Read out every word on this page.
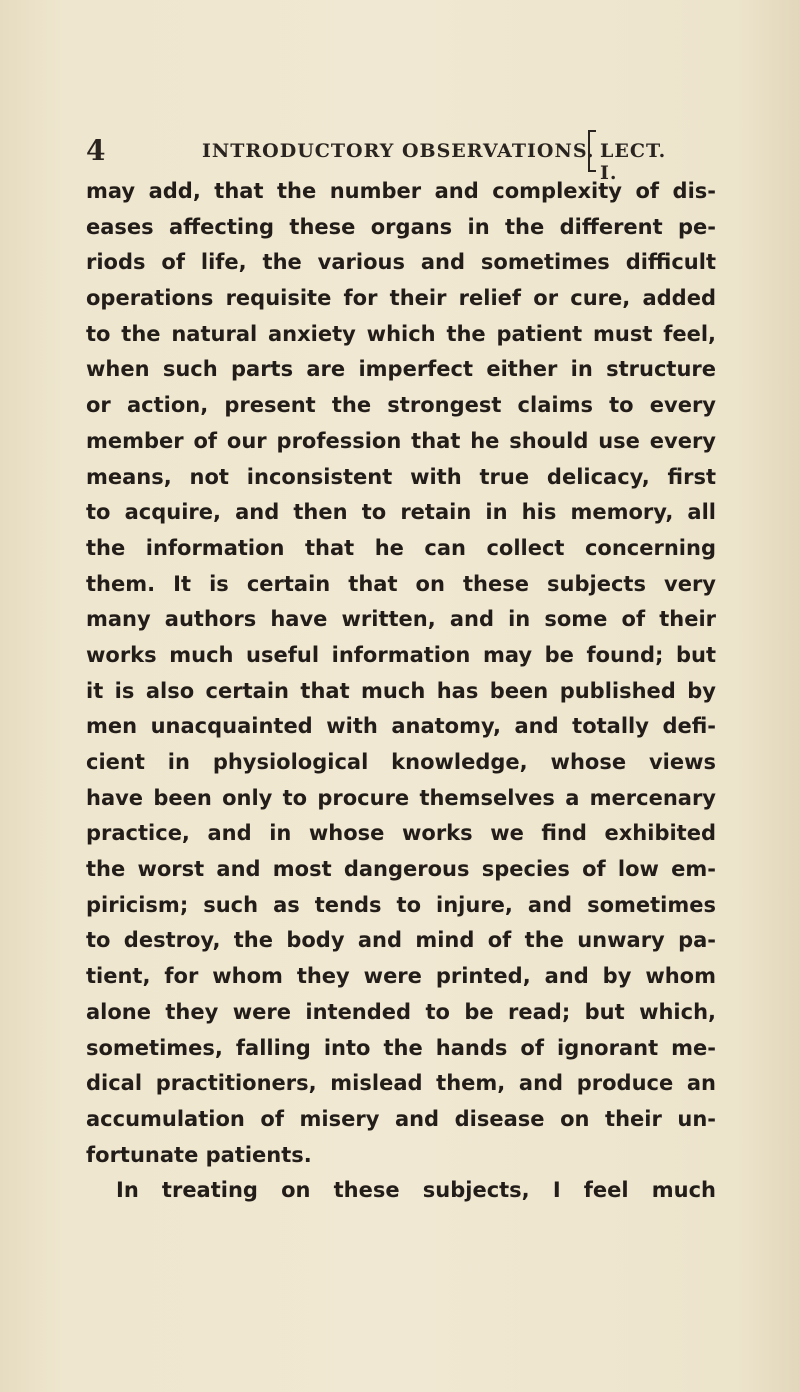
4	INTRODUCTORY OBSERVATIONS. LECT. I.
may add, that the number and complexity of dis-
eases affecting these organs in the different pe-
riods of life, the various and sometimes difficult
operations requisite for their relief or cure, added
to the natural anxiety which the patient must feel,
when such parts are imperfect either in structure
or action, present the strongest claims to every
member of our profession that he should use every
means, not inconsistent with true delicacy, first
to acquire, and then to retain in his memory, all
the information that he can collect concerning
them. It is certain that on these subjects very
many authors have written, and in some of their
works much useful information may be found; but
it is also certain that much has been published by
men unacquainted with anatomy, and totally defi-
cient in physiological knowledge, whose views
have been only to procure themselves a mercenary
practice, and in whose works we find exhibited
the worst and most dangerous species of low em-
piricism; such as tends to injure, and sometimes
to destroy, the body and mind of the unwary pa-
tient, for whom they were printed, and by whom
alone they were intended to be read; but which,
sometimes, falling into the hands of ignorant me-
dical practitioners, mislead them, and produce an
accumulation of misery and disease on their un-
fortunate patients.
In treating on these subjects, I feel much
